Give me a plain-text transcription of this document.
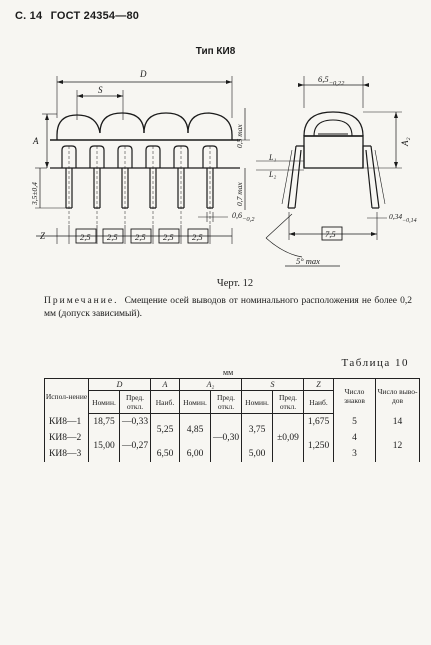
С. 14 ГОСТ 24354—80
Тип КИ8
D
S
A
3,5±0,4
0,5 max
0,7 max
$0,6_{-0,2}$
Z	2,5 2,5 2,5 2,5 2,5
$6,5_{-0,22}$
A₂
L₁
L₂
$0,34_{-0,14}$
7,5
5° max
Черт. 12
Примечание. Смещение осей выводов от номинального расположения не более 0,2 мм (допуск зависимый).
мм
Таблица 10
Испол-нение	D		A	A₂		S		Z	Число знаков	Число выво-дов
	Номин.	Пред. откл.	Наиб.	Номин.	Пред. откл.	Номин.	Пред. откл.	Наиб.		
КИ8—1	18,75	—0,33	5,25	4,85	—0,30	3,75	±0,09	1,675	5	14
КИ8—2	15,00	—0,27						1,250	4	12
КИ8—3			6,50	6,00		5,00			3	
